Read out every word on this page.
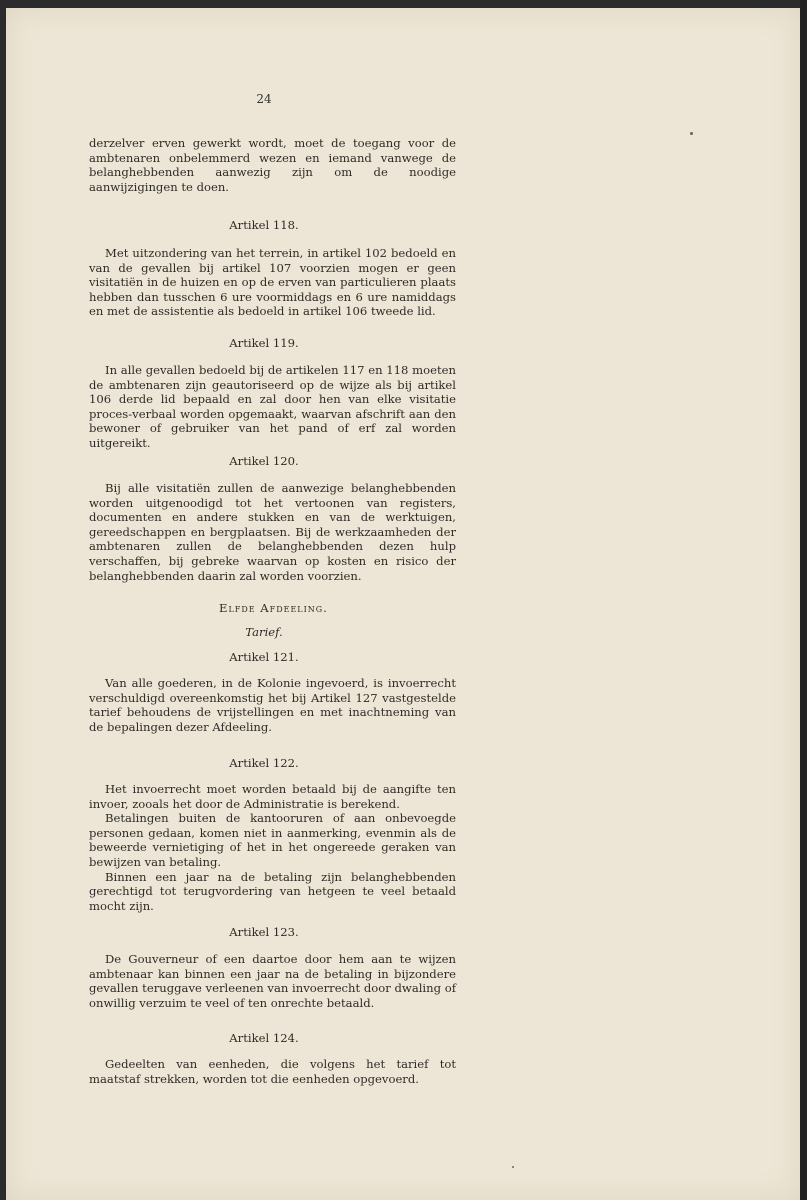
24

derzelver erven gewerkt wordt, moet de toegang voor de ambtenaren onbelemmerd wezen en iemand vanwege de belanghebbenden aanwezig zijn om de noodige aanwijzigingen te doen.

Artikel 118.

Met uitzondering van het terrein, in artikel 102 bedoeld en van de gevallen bij artikel 107 voorzien mogen er geen visitatiën in de huizen en op de erven van particulieren plaats hebben dan tusschen 6 ure voormiddags en 6 ure namiddags en met de assistentie als bedoeld in artikel 106 tweede lid.

Artikel 119.

In alle gevallen bedoeld bij de artikelen 117 en 118 moeten de ambtenaren zijn geautoriseerd op de wijze als bij artikel 106 derde lid bepaald en zal door hen van elke visitatie proces-verbaal worden opgemaakt, waarvan afschrift aan den bewoner of gebruiker van het pand of erf zal worden uitgereikt.

Artikel 120.

Bij alle visitatiën zullen de aanwezige belanghebbenden worden uitgenoodigd tot het vertoonen van registers, documenten en andere stukken en van de werktuigen, gereedschappen en bergplaatsen. Bij de werkzaamheden der ambtenaren zullen de belanghebbenden dezen hulp verschaffen, bij gebreke waarvan op kosten en risico der belanghebbenden daarin zal worden voorzien.

Elfde Afdeeling.
Tarief.
Artikel 121.

Van alle goederen, in de Kolonie ingevoerd, is invoerrecht verschuldigd overeenkomstig het bij Artikel 127 vastgestelde tarief behoudens de vrijstellingen en met inachtneming van de bepalingen dezer Afdeeling.

Artikel 122.

Het invoerrecht moet worden betaald bij de aangifte ten invoer, zooals het door de Administratie is berekend.

Betalingen buiten de kantooruren of aan onbevoegde personen gedaan, komen niet in aanmerking, evenmin als de beweerde vernietiging of het in het ongereede geraken van bewijzen van betaling.

Binnen een jaar na de betaling zijn belanghebbenden gerechtigd tot terugvordering van hetgeen te veel betaald mocht zijn.

Artikel 123.

De Gouverneur of een daartoe door hem aan te wijzen ambtenaar kan binnen een jaar na de betaling in bijzondere gevallen teruggave verleenen van invoerrecht door dwaling of onwillig verzuim te veel of ten onrechte betaald.

Artikel 124.

Gedeelten van eenheden, die volgens het tarief tot maatstaf strekken, worden tot die eenheden opgevoerd.
